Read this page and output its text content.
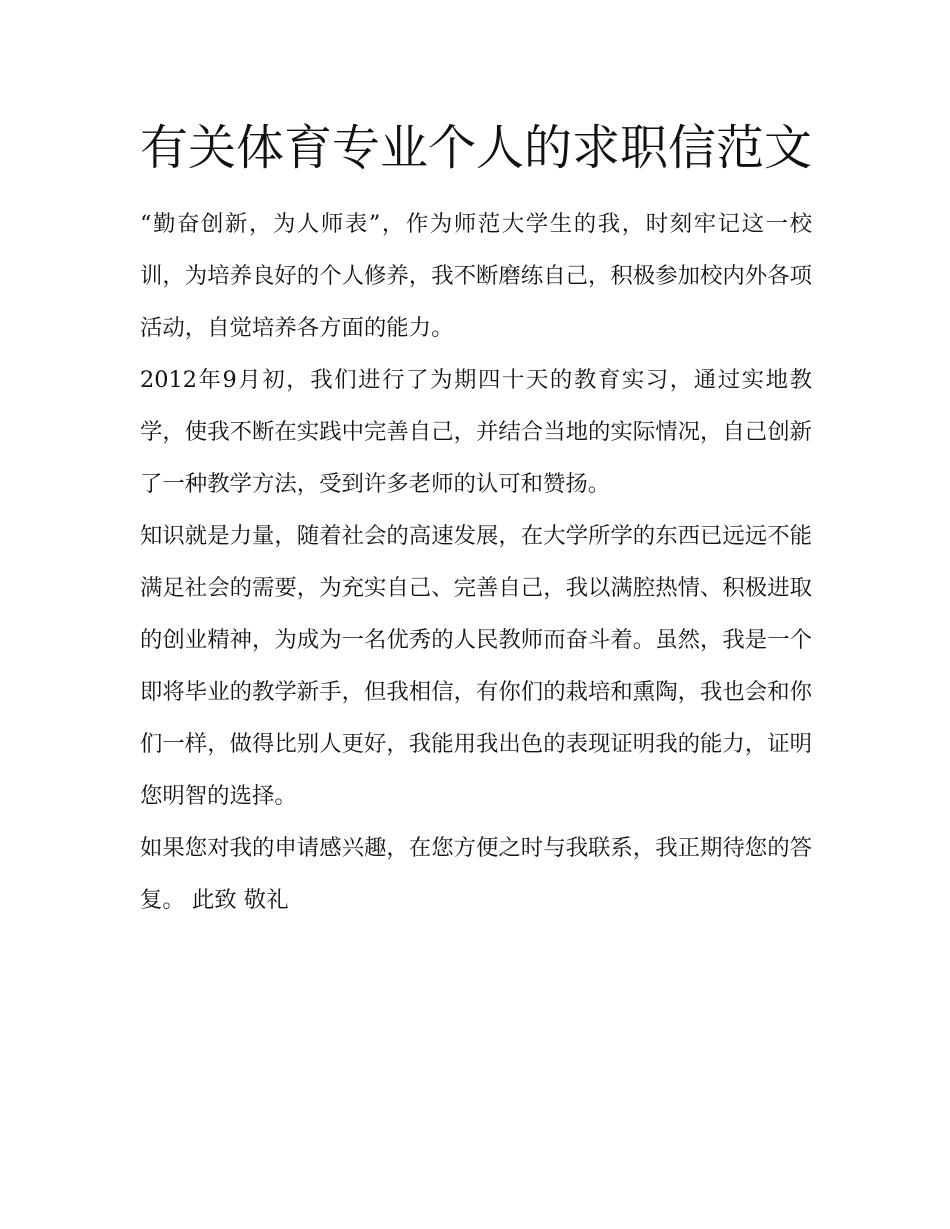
有关体育专业个人的求职信范文

“勤奋创新，为人师表”，作为师范大学生的我，时刻牢记这一校训，为培养良好的个人修养，我不断磨练自己，积极参加校内外各项活动，自觉培养各方面的能力。

2012年9月初，我们进行了为期四十天的教育实习，通过实地教学，使我不断在实践中完善自己，并结合当地的实际情况，自己创新了一种教学方法，受到许多老师的认可和赞扬。

知识就是力量，随着社会的高速发展，在大学所学的东西已远远不能满足社会的需要，为充实自己、完善自己，我以满腔热情、积极进取的创业精神，为成为一名优秀的人民教师而奋斗着。虽然，我是一个即将毕业的教学新手，但我相信，有你们的栽培和熏陶，我也会和你们一样，做得比别人更好，我能用我出色的表现证明我的能力，证明您明智的选择。

如果您对我的申请感兴趣，在您方便之时与我联系，我正期待您的答复。 此致 敬礼
